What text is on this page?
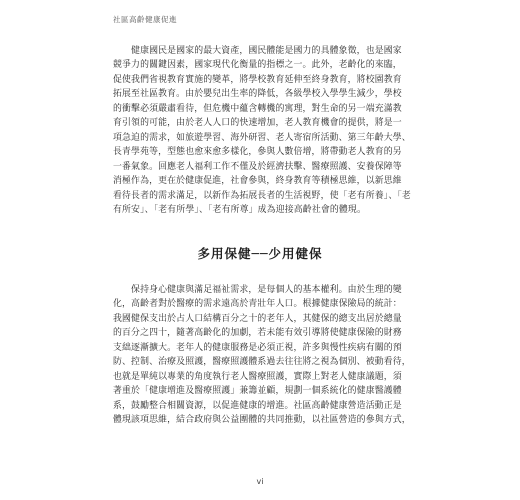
社區高齡健康促進

　　健康國民是國家的最大資產，國民體能是國力的具體象徵，也是國家
競爭力的關鍵因素，國家現代化衡量的指標之一。此外，老齡化的來臨，
促使我們省視教育實施的變革，將學校教育延伸至終身教育，將校園教育
拓展至社區教育。由於嬰兒出生率的降低，各級學校入學學生減少，學校
的衝擊必須嚴肅看待，但危機中蘊含轉機的寓理，對生命的另一端充滿教
育引領的可能，由於老人人口的快速增加，老人教育機會的提供，將是一
項急迫的需求，如旅遊學習、海外研習、老人寄宿所活動、第三年齡大學、
長青學苑等，型態也愈來愈多樣化，參與人數倍增，將帶動老人教育的另
一番氣象。回應老人福利工作不僅及於經濟扶擊、醫療照護、安養保障等
消極作為，更在於健康促進，社會參與，終身教育等積極思維，以新思維
看待長者的需求滿足，以新作為拓展長者的生活視野，使「老有所養」、「老
有所安」、「老有所學」、「老有所尊」成為迎接高齡社會的體現。

多用保健──少用健保

　　保持身心健康與滿足福祉需求，是每個人的基本權利。由於生理的變
化，高齡者對於醫療的需求遠高於青壯年人口。根據健康保險局的統計：
我國健保支出於占人口結構百分之十的老年人，其健保的總支出居於總量
的百分之四十，隨著高齡化的加劇，若未能有效引導將使健康保險的財務
支絀逐漸擴大。老年人的健康服務是必須正視，許多與慢性疾病有關的預
防、控制、治療及照護，醫療照護體系過去往往將之視為個別、被動看待，
也就是單純以專業的角度執行老人醫療照護，實際上對老人健康議題，須
著重於「健康增進及醫療照護」兼籌並顧，規劃一個系統化的健康醫護體
系，鼓勵整合相關資源，以促進健康的增進。社區高齡健康營造活動正是
體現該項思維，結合政府與公益團體的共同推動，以社區營造的參與方式，

vi
